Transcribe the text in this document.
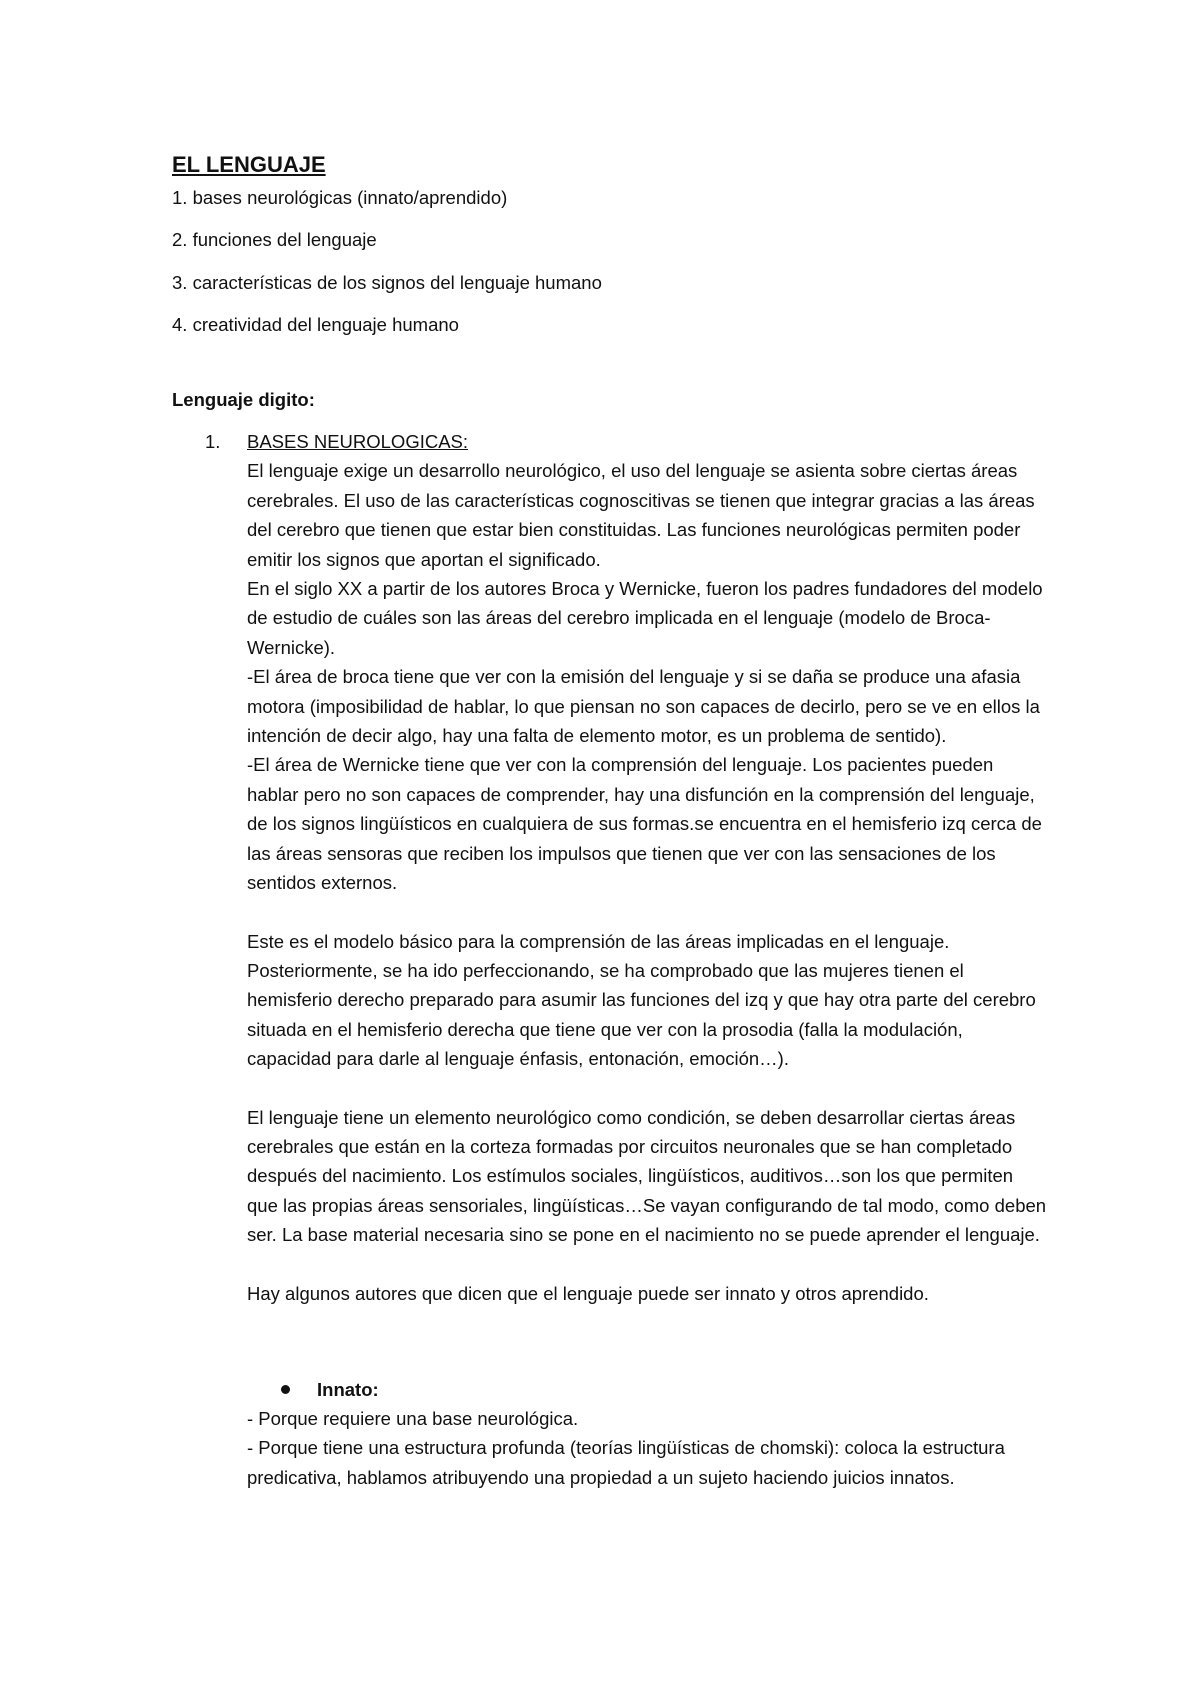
EL LENGUAJE
1. bases neurológicas (innato/aprendido)
2. funciones del lenguaje
3. características de los signos del lenguaje humano
4. creatividad del lenguaje humano
Lenguaje digito:
1. BASES NEUROLOGICAS:

El lenguaje exige un desarrollo neurológico, el uso del lenguaje se asienta sobre ciertas áreas cerebrales. El uso de las características cognoscitivas se tienen que integrar gracias a las áreas del cerebro que tienen que estar bien constituidas. Las funciones neurológicas permiten poder emitir los signos que aportan el significado.

En el siglo XX a partir de los autores Broca y Wernicke, fueron los padres fundadores del modelo de estudio de cuáles son las áreas del cerebro implicada en el lenguaje (modelo de Broca- Wernicke).

-El área de broca tiene que ver con la emisión del lenguaje y si se daña se produce una afasia motora (imposibilidad de hablar, lo que piensan no son capaces de decirlo, pero se ve en ellos la intención de decir algo, hay una falta de elemento motor, es un problema de sentido).

-El área de Wernicke tiene que ver con la comprensión del lenguaje. Los pacientes pueden hablar pero no son capaces de comprender, hay una disfunción en la comprensión del lenguaje, de los signos lingüísticos en cualquiera de sus formas.se encuentra en el hemisferio izq cerca de las áreas sensoras que reciben los impulsos que tienen que ver con las sensaciones de los sentidos externos.

Este es el modelo básico para la comprensión de las áreas implicadas en el lenguaje. Posteriormente, se ha ido perfeccionando, se ha comprobado que las mujeres tienen el hemisferio derecho preparado para asumir las funciones del izq y que hay otra parte del cerebro situada en el hemisferio derecha que tiene que ver con la prosodia (falla la modulación, capacidad para darle al lenguaje énfasis, entonación, emoción…).

El lenguaje tiene un elemento neurológico como condición, se deben desarrollar ciertas áreas cerebrales que están en la corteza formadas por circuitos neuronales que se han completado después del nacimiento. Los estímulos sociales, lingüísticos, auditivos…son los que permiten que las propias áreas sensoriales, lingüísticas…Se vayan configurando de tal modo, como deben ser. La base material necesaria sino se pone en el nacimiento no se puede aprender el lenguaje.

Hay algunos autores que dicen que el lenguaje puede ser innato y otros aprendido.

Innato:

- Porque requiere una base neurológica.

- Porque tiene una estructura profunda (teorías lingüísticas de chomski): coloca la estructura predicativa, hablamos atribuyendo una propiedad a un sujeto haciendo juicios innatos.
